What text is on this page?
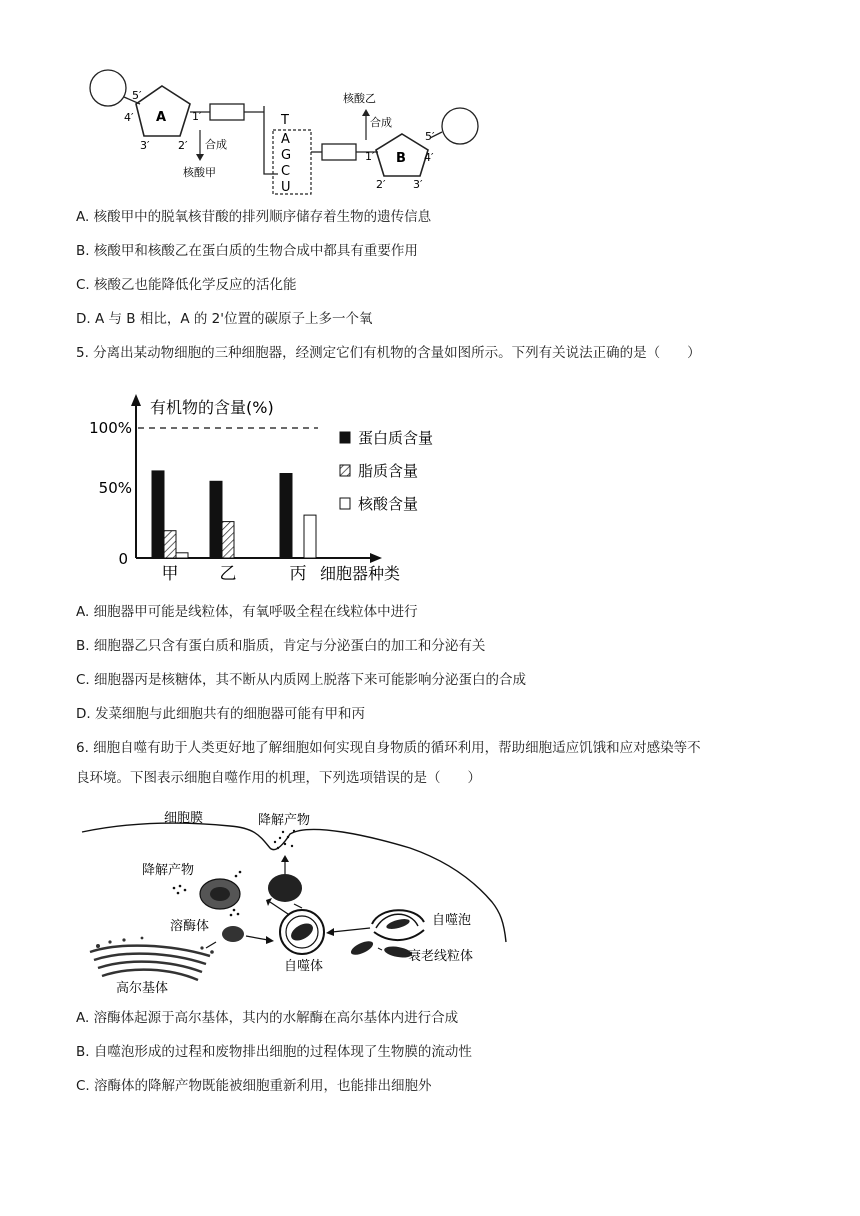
A
5′
4′
3′	2′
1′
合成
核酸甲
T
A
G
C
U
B
1′
2′	3′
4′
5′
合成
核酸乙
A. 核酸甲中的脱氧核苷酸的排列顺序储存着生物的遗传信息
B. 核酸甲和核酸乙在蛋白质的生物合成中都具有重要作用
C. 核酸乙也能降低化学反应的活化能
D. A 与 B 相比，A 的 2'位置的碳原子上多一个氧
5. 分离出某动物细胞的三种细胞器，经测定它们有机物的含量如图所示。下列有关说法正确的是（　　）
有机物的含量(%)
100%
50%
0
甲 乙	丙 细胞器种类
蛋白质含量
脂质含量
核酸含量
A. 细胞器甲可能是线粒体，有氧呼吸全程在线粒体中进行
B. 细胞器乙只含有蛋白质和脂质，肯定与分泌蛋白的加工和分泌有关
C. 细胞器丙是核糖体，其不断从内质网上脱落下来可能影响分泌蛋白的合成
D. 发菜细胞与此细胞共有的细胞器可能有甲和丙
6. 细胞自噬有助于人类更好地了解细胞如何实现自身物质的循环利用，帮助细胞适应饥饿和应对感染等不
良环境。下图表示细胞自噬作用的机理，下列选项错误的是（　　）
细胞膜	降解产物
降解产物
溶酶体
自噬体
自噬泡
衰老线粒体
高尔基体
A. 溶酶体起源于高尔基体，其内的水解酶在高尔基体内进行合成
B. 自噬泡形成的过程和废物排出细胞的过程体现了生物膜的流动性
C. 溶酶体的降解产物既能被细胞重新利用，也能排出细胞外
